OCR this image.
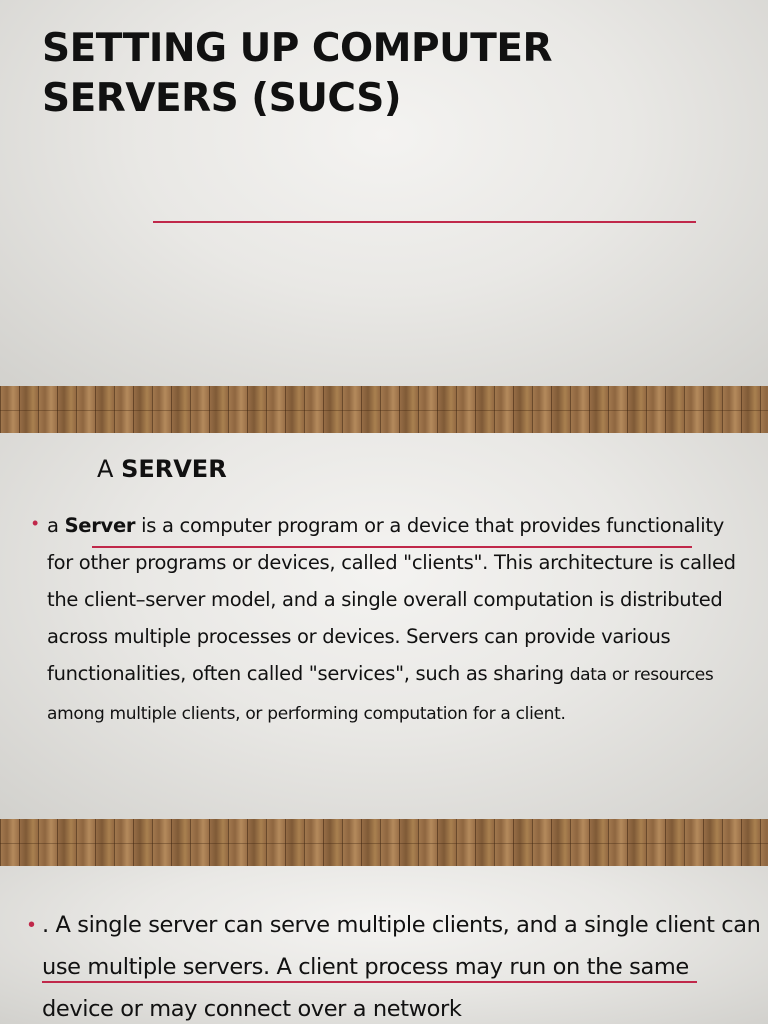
SETTING UP COMPUTER
SERVERS (SUCS)
A SERVER
• a Server is a computer program or a device that provides functionality for other programs or devices, called "clients". This architecture is called the client–server model, and a single overall computation is distributed across multiple processes or devices. Servers can provide various functionalities, often called "services", such as sharing data or resources among multiple clients, or performing computation for a client.
• . A single server can serve multiple clients, and a single client can use multiple servers. A client process may run on the same device or may connect over a network
